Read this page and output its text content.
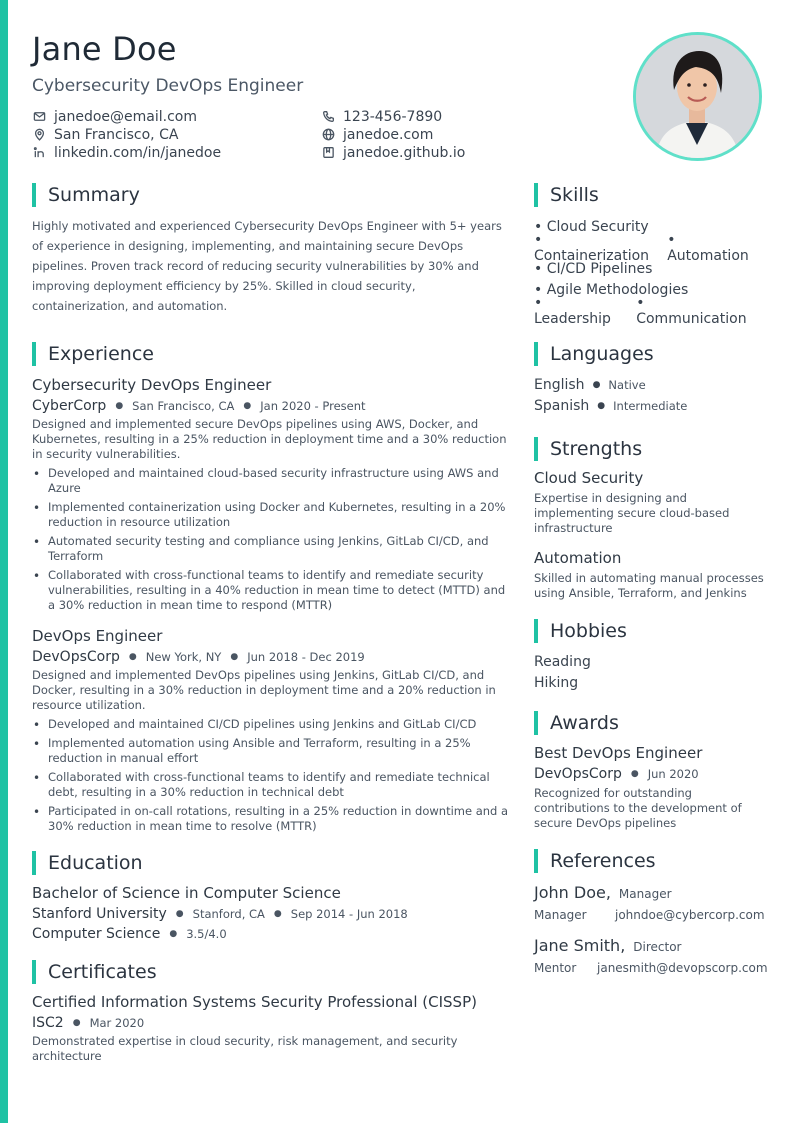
Jane Doe
Cybersecurity DevOps Engineer
janedoe@email.com	123-456-7890
San Francisco, CA	janedoe.com
linkedin.com/in/janedoe	janedoe.github.io
Summary
Highly motivated and experienced Cybersecurity DevOps Engineer with 5+ years of experience in designing, implementing, and maintaining secure DevOps pipelines. Proven track record of reducing security vulnerabilities by 30% and improving deployment efficiency by 25%. Skilled in cloud security, containerization, and automation.
Experience
Cybersecurity DevOps Engineer
CyberCorp ● San Francisco, CA ● Jan 2020 - Present
Designed and implemented secure DevOps pipelines using AWS, Docker, and Kubernetes, resulting in a 25% reduction in deployment time and a 30% reduction in security vulnerabilities.
• Developed and maintained cloud-based security infrastructure using AWS and Azure
• Implemented containerization using Docker and Kubernetes, resulting in a 20% reduction in resource utilization
• Automated security testing and compliance using Jenkins, GitLab CI/CD, and Terraform
• Collaborated with cross-functional teams to identify and remediate security vulnerabilities, resulting in a 40% reduction in mean time to detect (MTTD) and a 30% reduction in mean time to respond (MTTR)
DevOps Engineer
DevOpsCorp ● New York, NY ● Jun 2018 - Dec 2019
Designed and implemented DevOps pipelines using Jenkins, GitLab CI/CD, and Docker, resulting in a 30% reduction in deployment time and a 20% reduction in resource utilization.
• Developed and maintained CI/CD pipelines using Jenkins and GitLab CI/CD
• Implemented automation using Ansible and Terraform, resulting in a 25% reduction in manual effort
• Collaborated with cross-functional teams to identify and remediate technical debt, resulting in a 30% reduction in technical debt
• Participated in on-call rotations, resulting in a 25% reduction in downtime and a 30% reduction in mean time to resolve (MTTR)
Education
Bachelor of Science in Computer Science
Stanford University ● Stanford, CA ● Sep 2014 - Jun 2018
Computer Science ● 3.5/4.0
Certificates
Certified Information Systems Security Professional (CISSP)
ISC2 ● Mar 2020
Demonstrated expertise in cloud security, risk management, and security architecture
Skills
• Cloud Security
• Containerization
• Automation
• CI/CD Pipelines
• Agile Methodologies
• Leadership
• Communication
Languages
English ● Native
Spanish ● Intermediate
Strengths
Cloud Security
Expertise in designing and implementing secure cloud-based infrastructure
Automation
Skilled in automating manual processes using Ansible, Terraform, and Jenkins
Hobbies
Reading
Hiking
Awards
Best DevOps Engineer
DevOpsCorp ● Jun 2020
Recognized for outstanding contributions to the development of secure DevOps pipelines
References
John Doe, Manager
Manager	johndoe@cybercorp.com
Jane Smith, Director
Mentor	janesmith@devopscorp.com
